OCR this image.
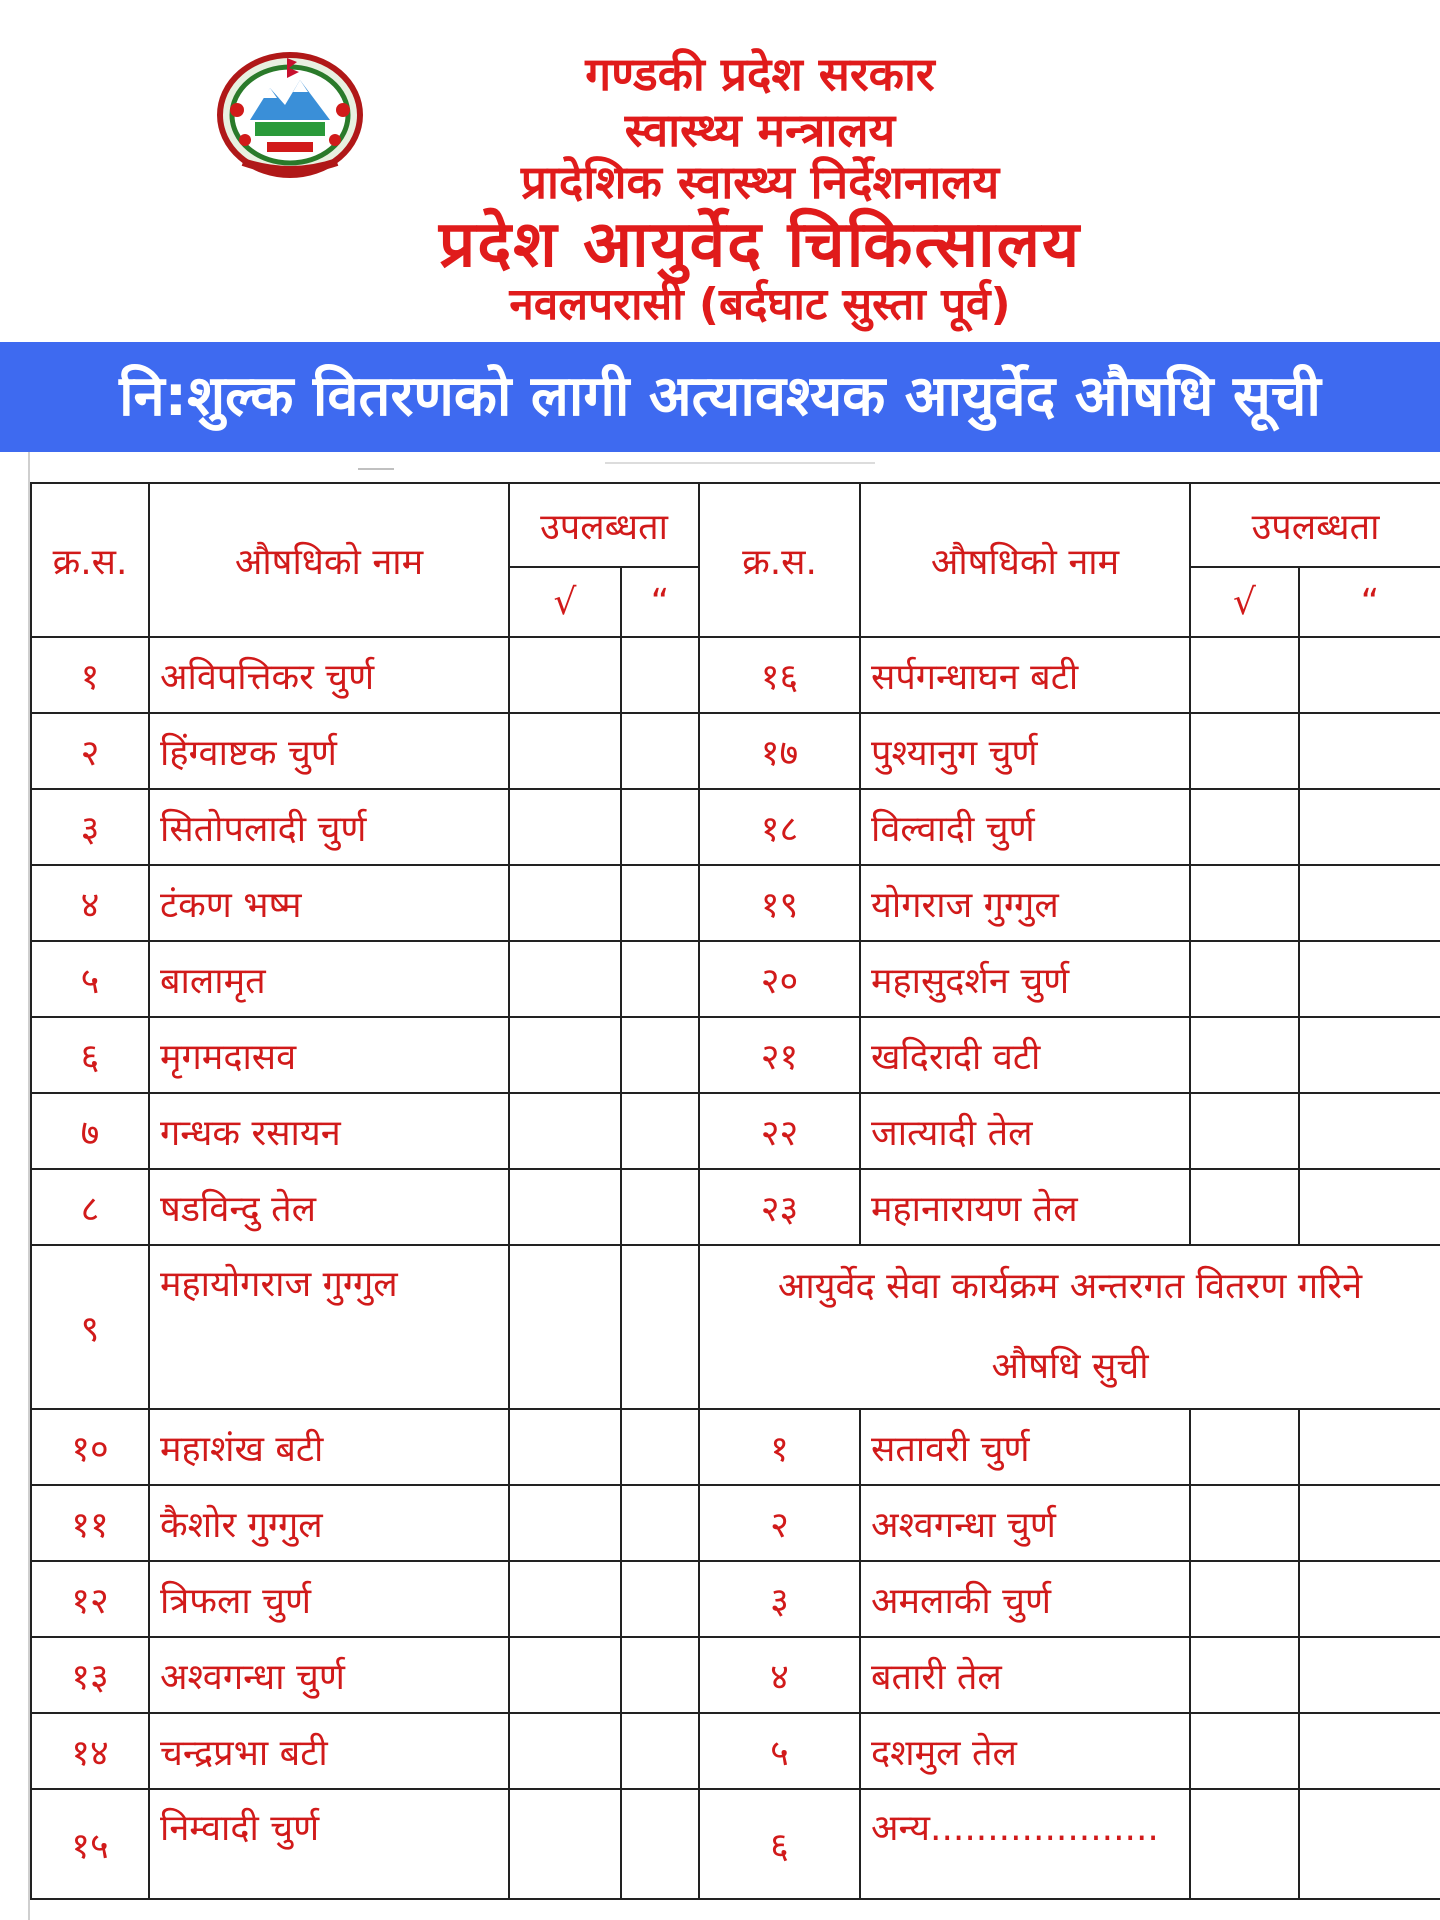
गण्डकी प्रदेश सरकार
स्वास्थ्य मन्त्रालय
प्रादेशिक स्वास्थ्य निर्देशनालय
प्रदेश आयुर्वेद चिकित्सालय
नवलपरासी (बर्दघाट सुस्ता पूर्व)
नि:शुल्क वितरणको लागी अत्यावश्यक आयुर्वेद औषधि सूची
क्र.स.	औषधिको नाम	उपलब्धता		क्र.स.	औषधिको नाम	उपलब्धता	
		√	“			√	“
१	अविपत्तिकर चुर्ण			१६	सर्पगन्धाघन बटी		
२	हिंग्वाष्टक चुर्ण			१७	पुश्यानुग चुर्ण		
३	सितोपलादी चुर्ण			१८	विल्वादी चुर्ण		
४	टंकण भष्म			१९	योगराज गुग्गुल		
५	बालामृत			२०	महासुदर्शन चुर्ण		
६	मृगमदासव			२१	खदिरादी वटी		
७	गन्धक रसायन			२२	जात्यादी तेल		
८	षडविन्दु तेल			२३	महानारायण तेल		
९	महायोगराज गुग्गुल			आयुर्वेद सेवा कार्यक्रम अन्तरगत वितरण गरिने
औषधि सुची			

१०	महाशंख बटी			१	सतावरी चुर्ण		
११	कैशोर गुग्गुल			२	अश्वगन्धा चुर्ण		
१२	त्रिफला चुर्ण			३	अमलाकी चुर्ण		
१३	अश्वगन्धा चुर्ण			४	बतारी तेल		
१४	चन्द्रप्रभा बटी			५	दशमुल तेल		
१५	निम्वादी चुर्ण			६	अन्य....................		
